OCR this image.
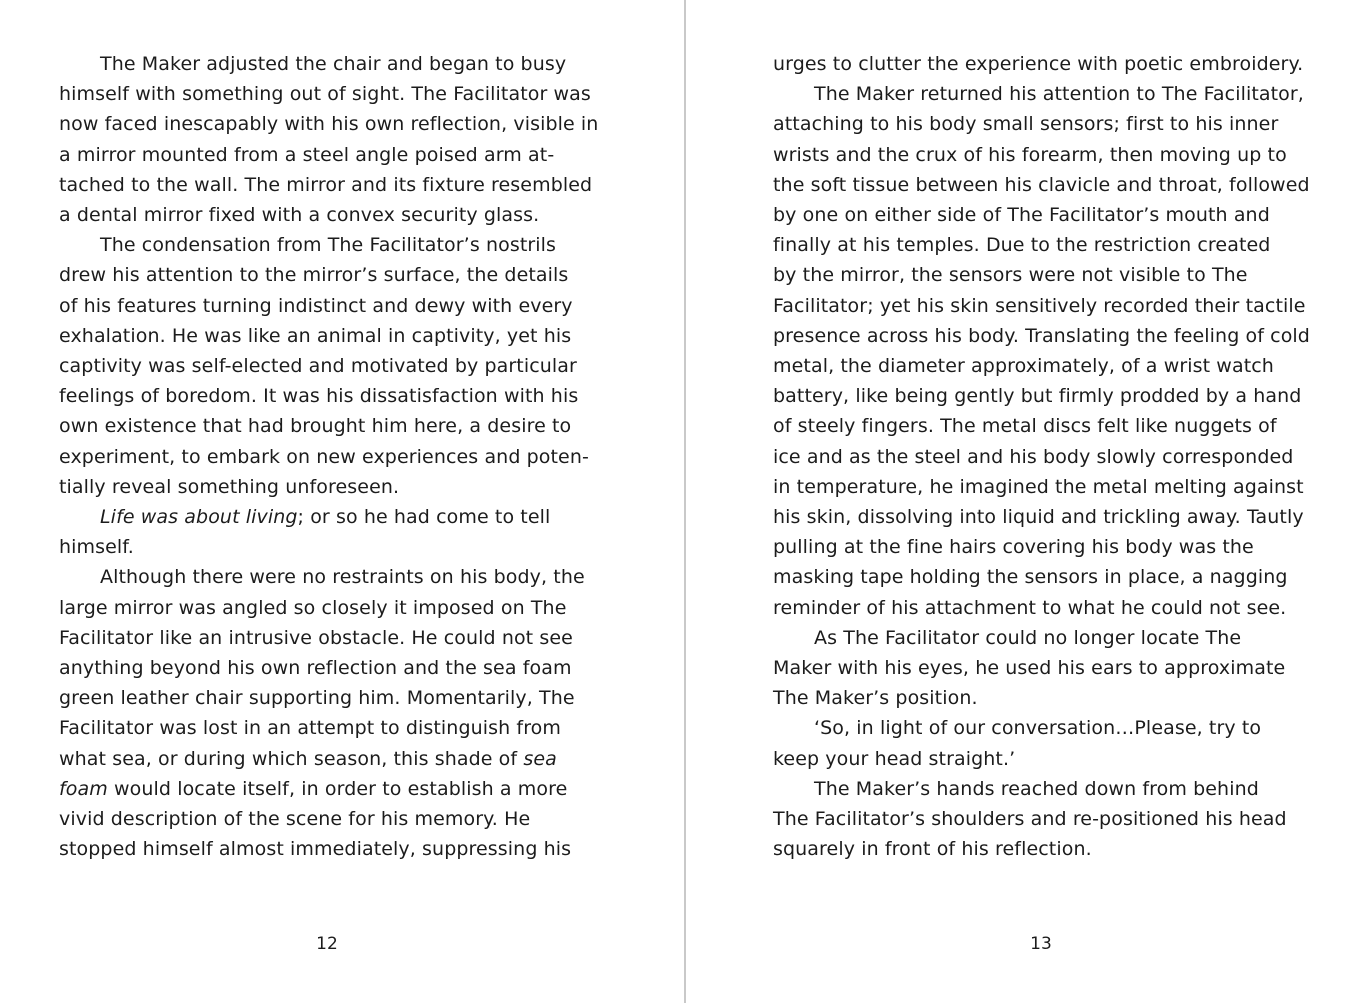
The Maker adjusted the chair and began to busy
himself with something out of sight. The Facilitator was
now faced inescapably with his own reflection, visible in
a mirror mounted from a steel angle poised arm at-
tached to the wall. The mirror and its fixture resembled
a dental mirror fixed with a convex security glass.
The condensation from The Facilitator’s nostrils
drew his attention to the mirror’s surface, the details
of his features turning indistinct and dewy with every
exhalation. He was like an animal in captivity, yet his
captivity was self-elected and motivated by particular
feelings of boredom. It was his dissatisfaction with his
own existence that had brought him here, a desire to
experiment, to embark on new experiences and poten-
tially reveal something unforeseen.
Life was about living; or so he had come to tell
himself.
Although there were no restraints on his body, the
large mirror was angled so closely it imposed on The
Facilitator like an intrusive obstacle. He could not see
anything beyond his own reflection and the sea foam
green leather chair supporting him. Momentarily, The
Facilitator was lost in an attempt to distinguish from
what sea, or during which season, this shade of sea
foam would locate itself, in order to establish a more
vivid description of the scene for his memory. He
stopped himself almost immediately, suppressing his
12
urges to clutter the experience with poetic embroidery.
The Maker returned his attention to The Facilitator,
attaching to his body small sensors; first to his inner
wrists and the crux of his forearm, then moving up to
the soft tissue between his clavicle and throat, followed
by one on either side of The Facilitator’s mouth and
finally at his temples. Due to the restriction created
by the mirror, the sensors were not visible to The
Facilitator; yet his skin sensitively recorded their tactile
presence across his body. Translating the feeling of cold
metal, the diameter approximately, of a wrist watch
battery, like being gently but firmly prodded by a hand
of steely fingers. The metal discs felt like nuggets of
ice and as the steel and his body slowly corresponded
in temperature, he imagined the metal melting against
his skin, dissolving into liquid and trickling away. Tautly
pulling at the fine hairs covering his body was the
masking tape holding the sensors in place, a nagging
reminder of his attachment to what he could not see.
As The Facilitator could no longer locate The
Maker with his eyes, he used his ears to approximate
The Maker’s position.
‘So, in light of our conversation…Please, try to
keep your head straight.’
The Maker’s hands reached down from behind
The Facilitator’s shoulders and re-positioned his head
squarely in front of his reflection.
13
